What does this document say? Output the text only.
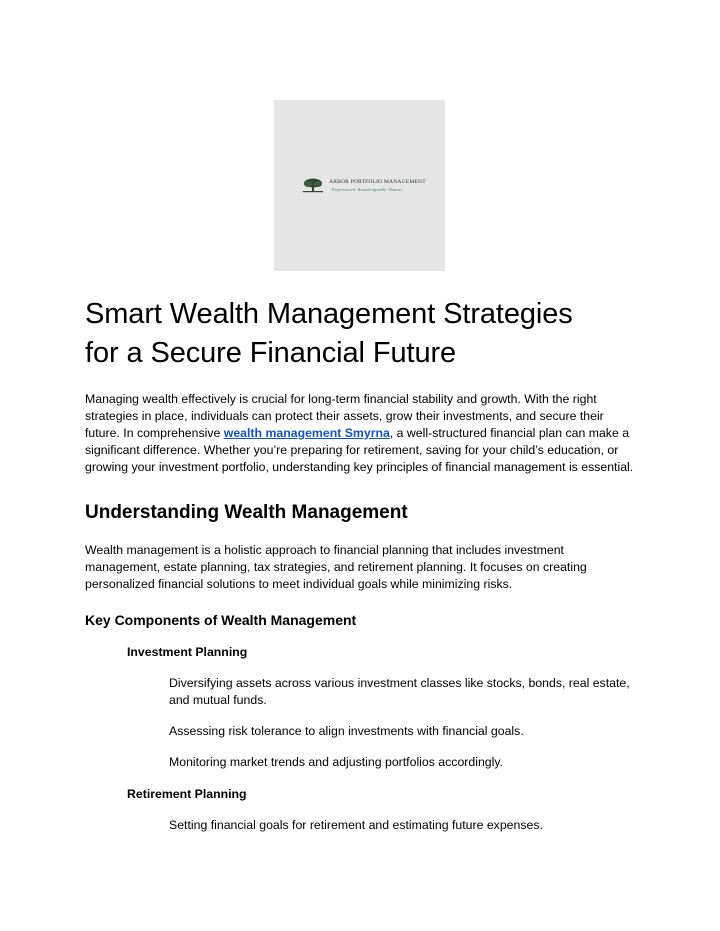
ARBOR PORTFOLIO MANAGEMENT
Experienced. Knowledgeable. Honest.
Smart Wealth Management Strategies
for a Secure Financial Future

Managing wealth effectively is crucial for long-term financial stability and growth. With the right strategies in place, individuals can protect their assets, grow their investments, and secure their future. In comprehensive wealth management Smyrna, a well-structured financial plan can make a significant difference. Whether you’re preparing for retirement, saving for your child’s education, or growing your investment portfolio, understanding key principles of financial management is essential.

Understanding Wealth Management

Wealth management is a holistic approach to financial planning that includes investment management, estate planning, tax strategies, and retirement planning. It focuses on creating personalized financial solutions to meet individual goals while minimizing risks.

Key Components of Wealth Management
Investment Planning
Diversifying assets across various investment classes like stocks, bonds, real estate, and mutual funds.
Assessing risk tolerance to align investments with financial goals.
Monitoring market trends and adjusting portfolios accordingly.
Retirement Planning
Setting financial goals for retirement and estimating future expenses.
